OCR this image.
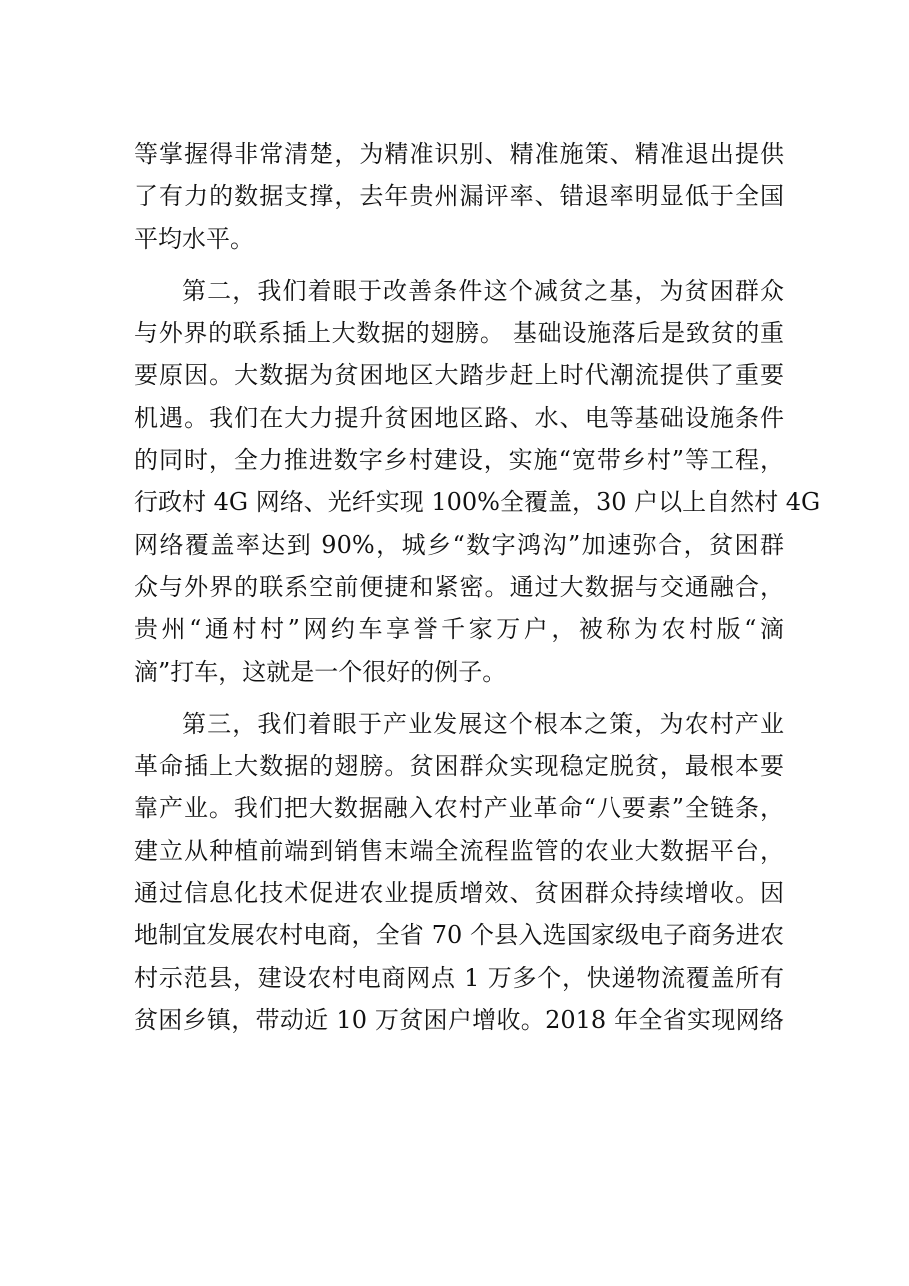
等掌握得非常清楚，为精准识别、精准施策、精准退出提供
了有力的数据支撑，去年贵州漏评率、错退率明显低于全国
平均水平。
第二，我们着眼于改善条件这个减贫之基，为贫困群众
与外界的联系插上大数据的翅膀。 基础设施落后是致贫的重
要原因。大数据为贫困地区大踏步赶上时代潮流提供了重要
机遇。我们在大力提升贫困地区路、水、电等基础设施条件
的同时，全力推进数字乡村建设，实施“宽带乡村”等工程，
行政村 4G 网络、光纤实现 100%全覆盖，30 户以上自然村 4G
网络覆盖率达到 90%，城乡“数字鸿沟”加速弥合，贫困群
众与外界的联系空前便捷和紧密。通过大数据与交通融合，
贵州“通村村”网约车享誉千家万户，被称为农村版“滴
滴”打车，这就是一个很好的例子。
第三，我们着眼于产业发展这个根本之策，为农村产业
革命插上大数据的翅膀。贫困群众实现稳定脱贫，最根本要
靠产业。我们把大数据融入农村产业革命“八要素”全链条，
建立从种植前端到销售末端全流程监管的农业大数据平台，
通过信息化技术促进农业提质增效、贫困群众持续增收。因
地制宜发展农村电商，全省 70 个县入选国家级电子商务进农
村示范县，建设农村电商网点 1 万多个，快递物流覆盖所有
贫困乡镇，带动近 10 万贫困户增收。2018 年全省实现网络
